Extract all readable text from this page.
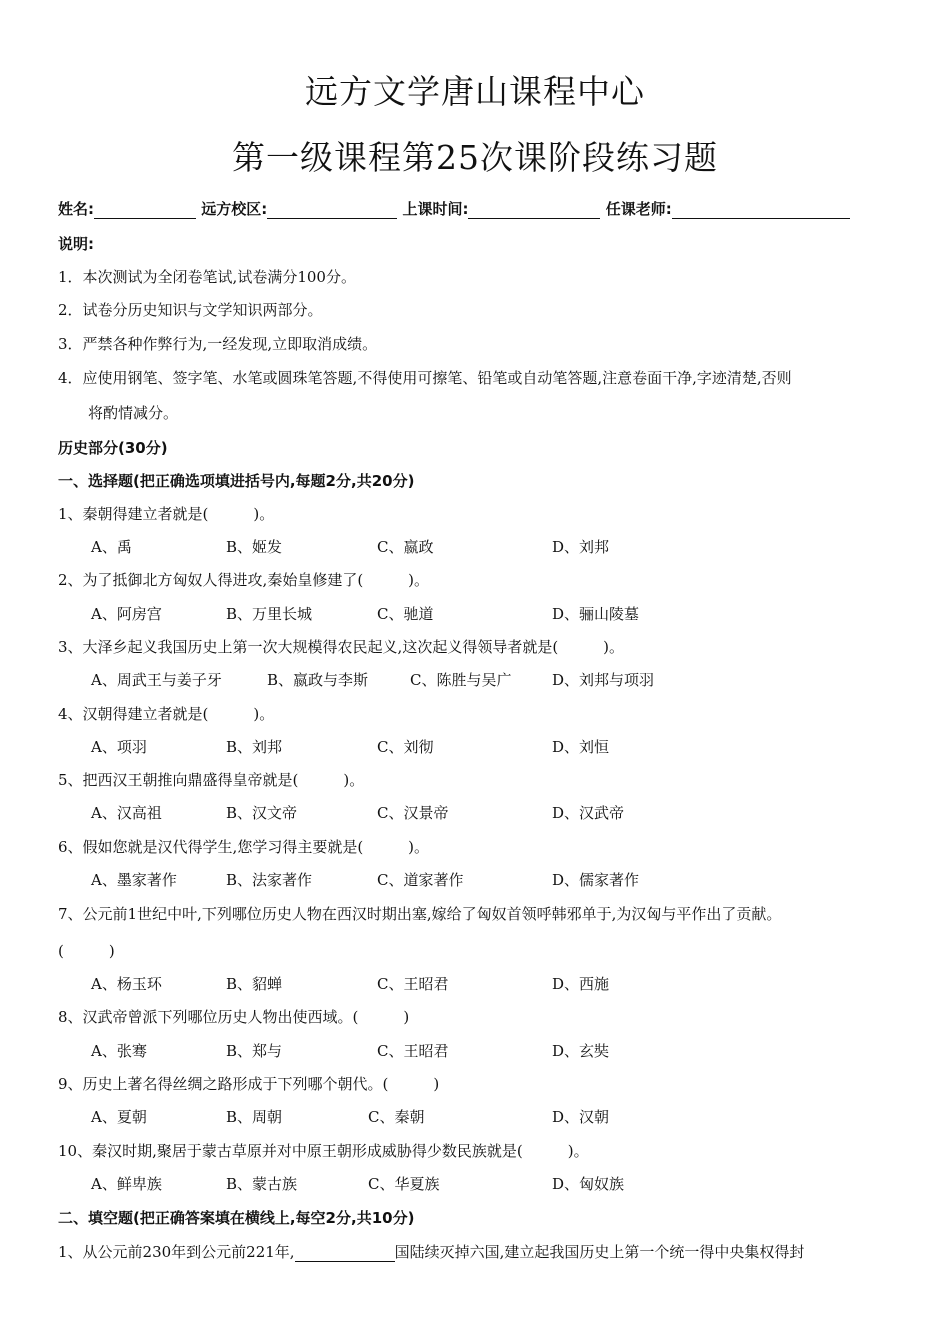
远方文学唐山课程中心
第一级课程第25次课阶段练习题
姓名:	远方校区:	上课时间:	任课老师:
说明:
1．本次测试为全闭卷笔试,试卷满分100分。
2．试卷分历史知识与文学知识两部分。
3．严禁各种作弊行为,一经发现,立即取消成绩。
4．应使用钢笔、签字笔、水笔或圆珠笔答题,不得使用可擦笔、铅笔或自动笔答题,注意卷面干净,字迹清楚,否则
将酌情减分。
历史部分(30分)
一、选择题(把正确选项填进括号内,每题2分,共20分)
1、秦朝得建立者就是(　　　)。
A、禹	B、姬发	C、嬴政	D、刘邦
2、为了抵御北方匈奴人得进攻,秦始皇修建了(　　　)。
A、阿房宫	B、万里长城	C、驰道	D、骊山陵墓
3、大泽乡起义我国历史上第一次大规模得农民起义,这次起义得领导者就是(　　　)。
A、周武王与姜子牙	B、嬴政与李斯	C、陈胜与吴广	D、刘邦与项羽
4、汉朝得建立者就是(　　　)。
A、项羽	B、刘邦	C、刘彻	D、刘恒
5、把西汉王朝推向鼎盛得皇帝就是(　　　)。
A、汉高祖	B、汉文帝	C、汉景帝	D、汉武帝
6、假如您就是汉代得学生,您学习得主要就是(　　　)。
A、墨家著作	B、法家著作	C、道家著作	D、儒家著作
7、公元前1世纪中叶,下列哪位历史人物在西汉时期出塞,嫁给了匈奴首领呼韩邪单于,为汉匈与平作出了贡献。
(　　　)
A、杨玉环	B、貂蝉	C、王昭君	D、西施
8、汉武帝曾派下列哪位历史人物出使西域。(　　　)
A、张骞	B、郑与	C、王昭君	D、玄奘
9、历史上著名得丝绸之路形成于下列哪个朝代。(　　　)
A、夏朝	B、周朝	C、秦朝	D、汉朝
10、秦汉时期,聚居于蒙古草原并对中原王朝形成威胁得少数民族就是(　　　)。
A、鲜卑族	B、蒙古族	C、华夏族	D、匈奴族
二、填空题(把正确答案填在横线上,每空2分,共10分)
1、从公元前230年到公元前221年,	国陆续灭掉六国,建立起我国历史上第一个统一得中央集权得封
